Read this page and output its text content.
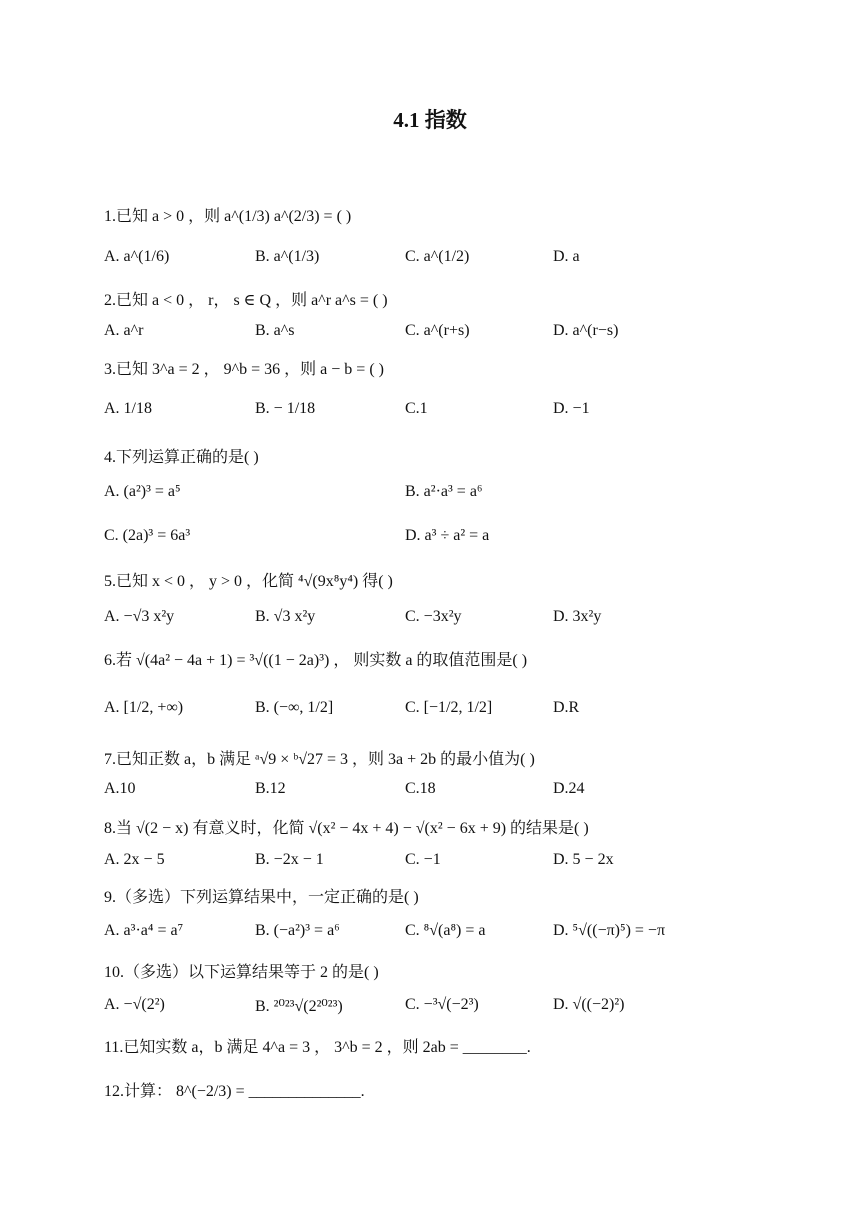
4.1 指数
1.已知 a > 0 ，则 a^(1/3) a^(2/3) = ( )
A. a^(1/6)	B. a^(1/3)	C. a^(1/2)	D. a
2.已知 a < 0 ， r， s ∈ Q ，则 a^r a^s = ( )
A. a^r	B. a^s	C. a^(r+s)	D. a^(r−s)
3.已知 3^a = 2 ， 9^b = 36 ，则 a − b = ( )
A. 1/18	B. − 1/18	C.1	D. −1
4.下列运算正确的是( )
A. (a²)³ = a⁵	B. a²·a³ = a⁶
C. (2a)³ = 6a³	D. a³ ÷ a² = a
5.已知 x < 0 ， y > 0 ，化简 ⁴√(9x⁸y⁴) 得( )
A. −√3 x²y	B. √3 x²y	C. −3x²y	D. 3x²y
6.若 √(4a² − 4a + 1) = ³√((1 − 2a)³) ， 则实数 a 的取值范围是( )
A. [1/2, +∞)	B. (−∞, 1/2]	C. [−1/2, 1/2]	D.R
7.已知正数 a，b 满足 ᵃ√9 × ᵇ√27 = 3 ，则 3a + 2b 的最小值为( )
A.10	B.12	C.18	D.24
8.当 √(2 − x) 有意义时，化简 √(x² − 4x + 4) − √(x² − 6x + 9) 的结果是( )
A. 2x − 5	B. −2x − 1	C. −1	D. 5 − 2x
9.（多选）下列运算结果中，一定正确的是( )
A. a³·a⁴ = a⁷	B. (−a²)³ = a⁶	C. ⁸√(a⁸) = a	D. ⁵√((−π)⁵) = −π
10.（多选）以下运算结果等于 2 的是( )
A. −√(2²)	B. ²⁰²³√(2²⁰²³)	C. −³√(−2³)	D. √((−2)²)
11.已知实数 a，b 满足 4^a = 3 ， 3^b = 2 ，则 2ab = ________.
12.计算： 8^(−2/3) = ______________.
